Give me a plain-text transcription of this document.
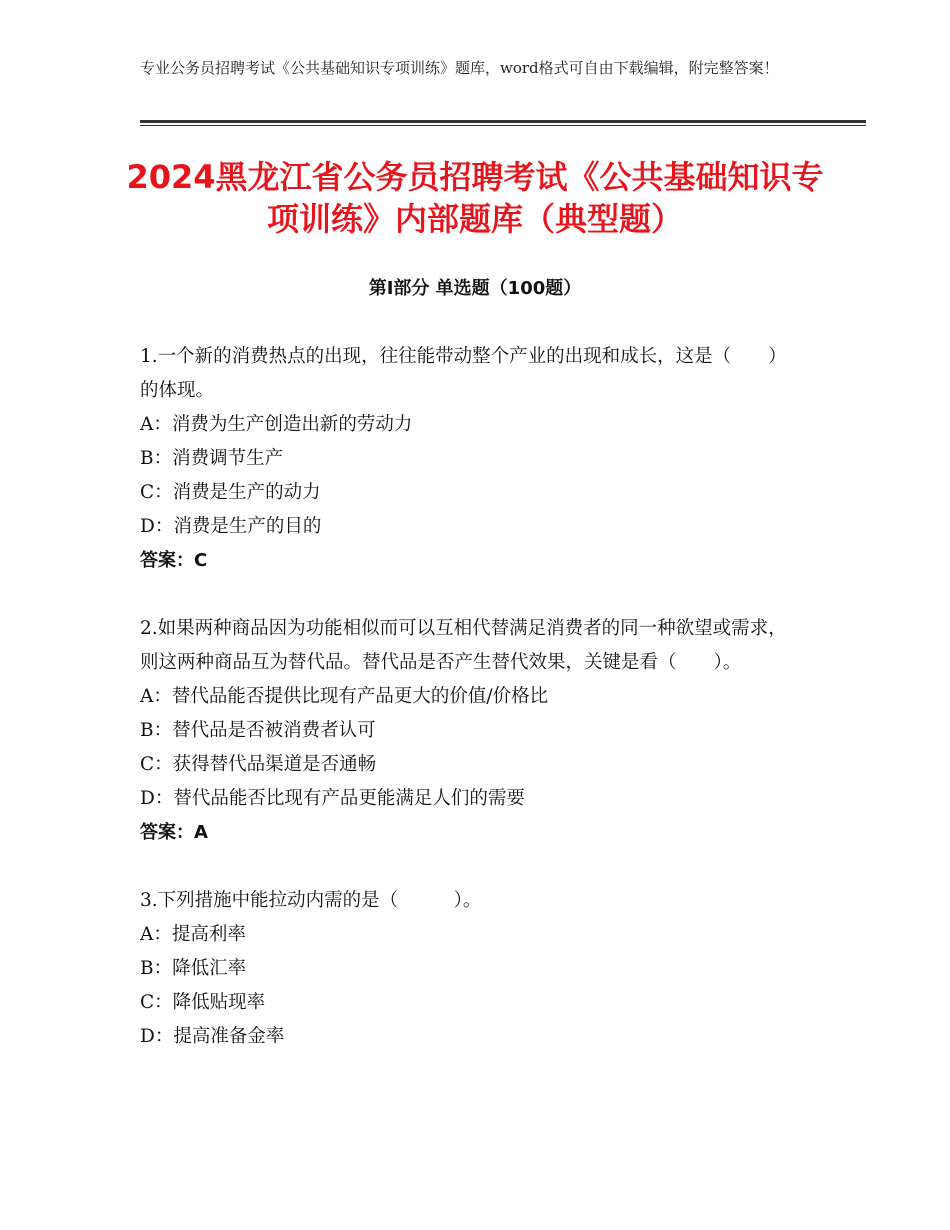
专业公务员招聘考试《公共基础知识专项训练》题库，word格式可自由下载编辑，附完整答案！
2024黑龙江省公务员招聘考试《公共基础知识专项训练》内部题库（典型题）
第Ⅰ部分 单选题（100题）
1.一个新的消费热点的出现，往往能带动整个产业的出现和成长，这是（　　）的体现。
A：消费为生产创造出新的劳动力
B：消费调节生产
C：消费是生产的动力
D：消费是生产的目的
答案：C
2.如果两种商品因为功能相似而可以互相代替满足消费者的同一种欲望或需求，则这两种商品互为替代品。替代品是否产生替代效果，关键是看（　　）。
A：替代品能否提供比现有产品更大的价值/价格比
B：替代品是否被消费者认可
C：获得替代品渠道是否通畅
D：替代品能否比现有产品更能满足人们的需要
答案：A
3.下列措施中能拉动内需的是（　　　）。
A：提高利率
B：降低汇率
C：降低贴现率
D：提高准备金率
